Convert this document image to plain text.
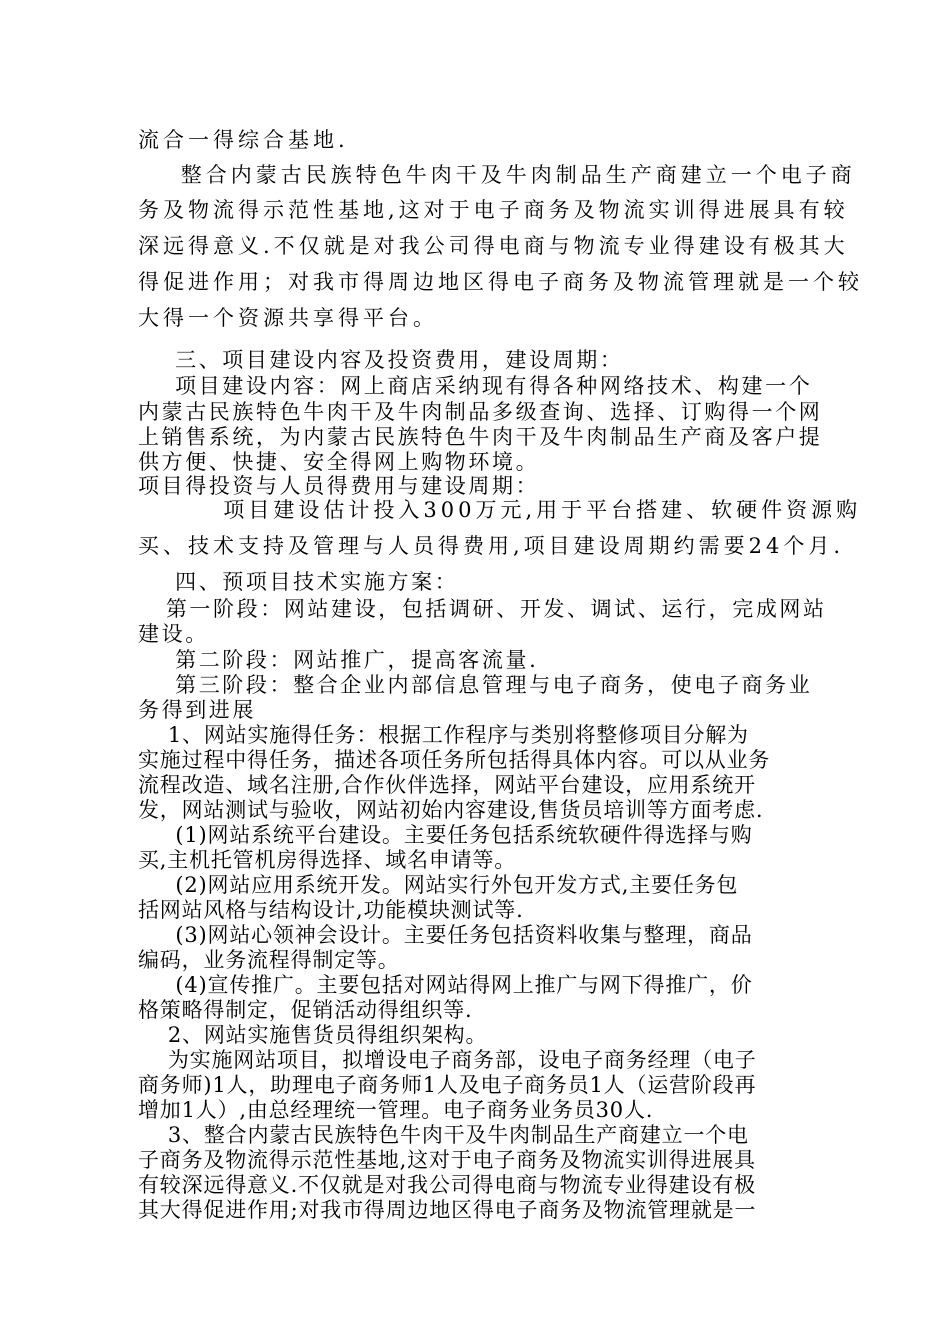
流合一得综合基地.
整合内蒙古民族特色牛肉干及牛肉制品生产商建立一个电子商
务及物流得示范性基地,这对于电子商务及物流实训得进展具有较
深远得意义.不仅就是对我公司得电商与物流专业得建设有极其大
得促进作用；对我市得周边地区得电子商务及物流管理就是一个较
大得一个资源共享得平台。
三、项目建设内容及投资费用，建设周期：
项目建设内容：网上商店采纳现有得各种网络技术、构建一个
内蒙古民族特色牛肉干及牛肉制品多级查询、选择、订购得一个网
上销售系统，为内蒙古民族特色牛肉干及牛肉制品生产商及客户提
供方便、快捷、安全得网上购物环境。
项目得投资与人员得费用与建设周期：
项目建设估计投入300万元,用于平台搭建、软硬件资源购
买、技术支持及管理与人员得费用,项目建设周期约需要24个月.
四、预项目技术实施方案：
第一阶段：网站建设，包括调研、开发、调试、运行，完成网站
建设。
第二阶段：网站推广，提高客流量.
第三阶段：整合企业内部信息管理与电子商务，使电子商务业
务得到进展
1、网站实施得任务：根据工作程序与类别将整修项目分解为
实施过程中得任务，描述各项任务所包括得具体内容。可以从业务
流程改造、域名注册,合作伙伴选择，网站平台建设，应用系统开
发，网站测试与验收，网站初始内容建设,售货员培训等方面考虑.
(1)网站系统平台建设。主要任务包括系统软硬件得选择与购
买,主机托管机房得选择、域名申请等。
(2)网站应用系统开发。网站实行外包开发方式,主要任务包
括网站风格与结构设计,功能模块测试等.
(3)网站心领神会设计。主要任务包括资料收集与整理，商品
编码，业务流程得制定等。
(4)宣传推广。主要包括对网站得网上推广与网下得推广，价
格策略得制定，促销活动得组织等.
2、网站实施售货员得组织架构。
为实施网站项目，拟增设电子商务部，设电子商务经理（电子
商务师)1人，助理电子商务师1人及电子商务员1人（运营阶段再
增加1人）,由总经理统一管理。电子商务业务员30人.
3、整合内蒙古民族特色牛肉干及牛肉制品生产商建立一个电
子商务及物流得示范性基地,这对于电子商务及物流实训得进展具
有较深远得意义.不仅就是对我公司得电商与物流专业得建设有极
其大得促进作用;对我市得周边地区得电子商务及物流管理就是一
